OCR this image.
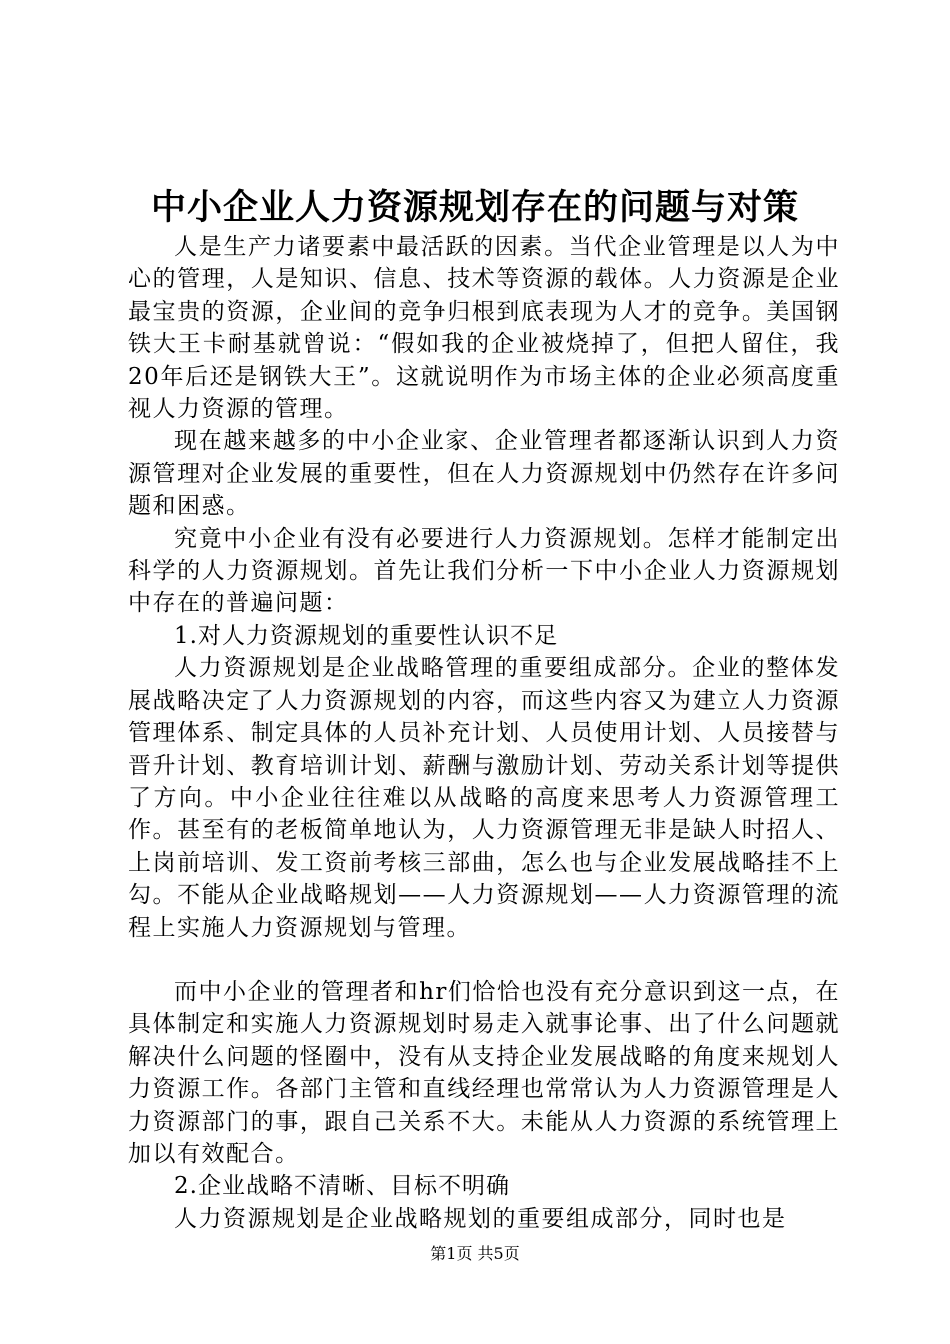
中小企业人力资源规划存在的问题与对策

人是生产力诸要素中最活跃的因素。当代企业管理是以人为中心的管理，人是知识、信息、技术等资源的载体。人力资源是企业最宝贵的资源，企业间的竞争归根到底表现为人才的竞争。美国钢铁大王卡耐基就曾说：“假如我的企业被烧掉了，但把人留住，我20年后还是钢铁大王”。这就说明作为市场主体的企业必须高度重视人力资源的管理。

现在越来越多的中小企业家、企业管理者都逐渐认识到人力资源管理对企业发展的重要性，但在人力资源规划中仍然存在许多问题和困惑。

究竟中小企业有没有必要进行人力资源规划。怎样才能制定出科学的人力资源规划。首先让我们分析一下中小企业人力资源规划中存在的普遍问题：

1.对人力资源规划的重要性认识不足

人力资源规划是企业战略管理的重要组成部分。企业的整体发展战略决定了人力资源规划的内容，而这些内容又为建立人力资源管理体系、制定具体的人员补充计划、人员使用计划、人员接替与晋升计划、教育培训计划、薪酬与激励计划、劳动关系计划等提供了方向。中小企业往往难以从战略的高度来思考人力资源管理工作。甚至有的老板简单地认为，人力资源管理无非是缺人时招人、上岗前培训、发工资前考核三部曲，怎么也与企业发展战略挂不上勾。不能从企业战略规划——人力资源规划——人力资源管理的流程上实施人力资源规划与管理。

而中小企业的管理者和hr们恰恰也没有充分意识到这一点，在具体制定和实施人力资源规划时易走入就事论事、出了什么问题就解决什么问题的怪圈中，没有从支持企业发展战略的角度来规划人力资源工作。各部门主管和直线经理也常常认为人力资源管理是人力资源部门的事，跟自己关系不大。未能从人力资源的系统管理上加以有效配合。

2.企业战略不清晰、目标不明确

人力资源规划是企业战略规划的重要组成部分，同时也是

第1页 共5页
